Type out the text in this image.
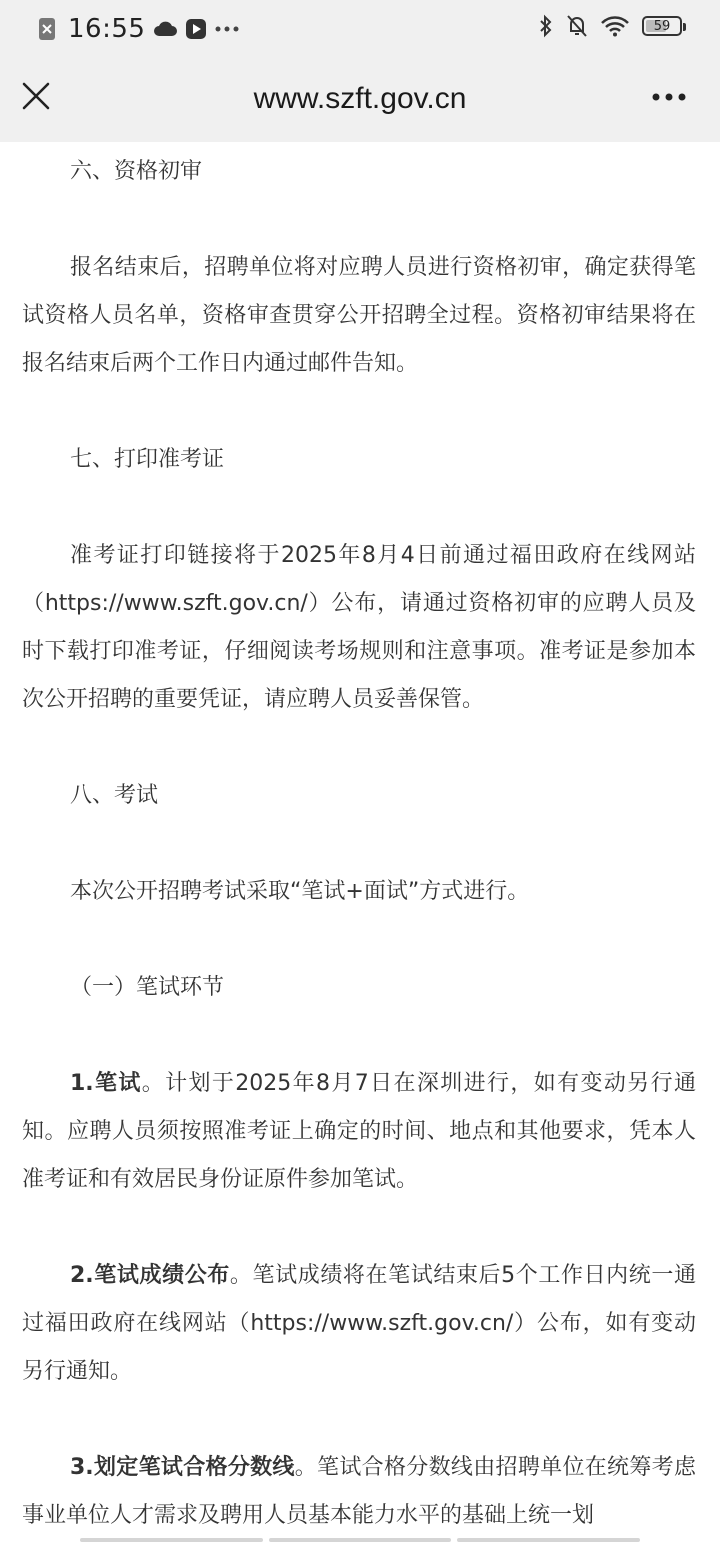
16:55	59
www.szft.gov.cn

六、资格初审

报名结束后，招聘单位将对应聘人员进行资格初审，确定获得笔试资格人员名单，资格审查贯穿公开招聘全过程。资格初审结果将在报名结束后两个工作日内通过邮件告知。

七、打印准考证

准考证打印链接将于2025年8月4日前通过福田政府在线网站（https://www.szft.gov.cn/）公布，请通过资格初审的应聘人员及时下载打印准考证，仔细阅读考场规则和注意事项。准考证是参加本次公开招聘的重要凭证，请应聘人员妥善保管。

八、考试

本次公开招聘考试采取“笔试+面试”方式进行。

（一）笔试环节

1.笔试。计划于2025年8月7日在深圳进行，如有变动另行通知。应聘人员须按照准考证上确定的时间、地点和其他要求，凭本人准考证和有效居民身份证原件参加笔试。

2.笔试成绩公布。笔试成绩将在笔试结束后5个工作日内统一通过福田政府在线网站（https://www.szft.gov.cn/）公布，如有变动另行通知。

3.划定笔试合格分数线。笔试合格分数线由招聘单位在统筹考虑事业单位人才需求及聘用人员基本能力水平的基础上统一划
